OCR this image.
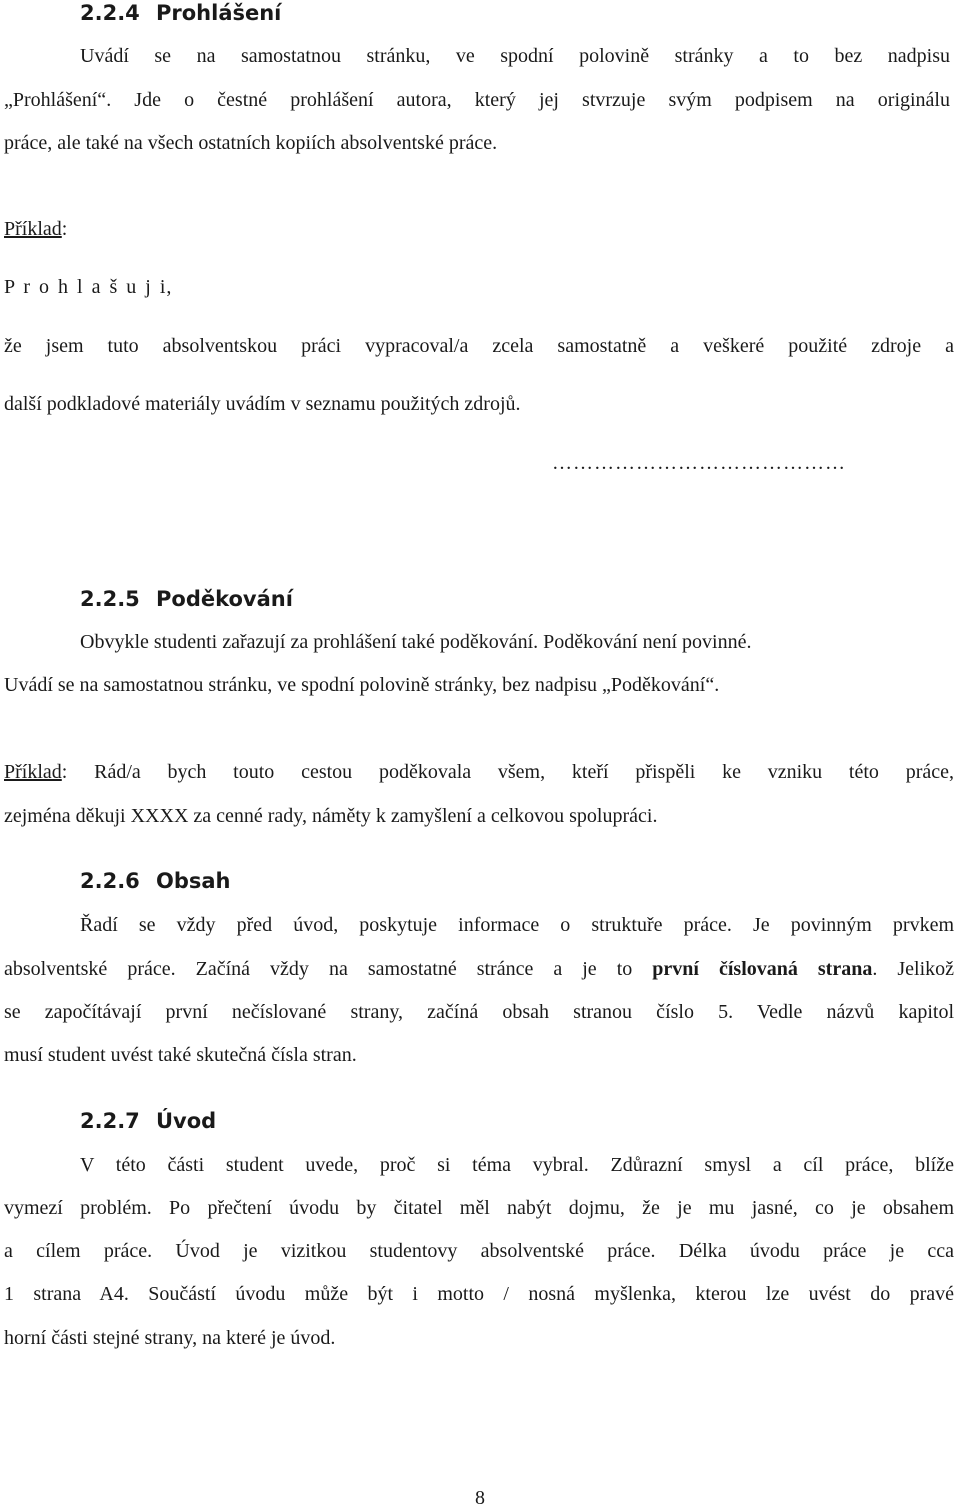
2.2.4 Prohlášení
Uvádí se na samostatnou stránku, ve spodní polovině stránky a to bez nadpisu
„Prohlášení“. Jde o čestné prohlášení autora, který jej stvrzuje svým podpisem na originálu
práce, ale také na všech ostatních kopiích absolventské práce.
Příklad:
P r o h l a š u j i,
že jsem tuto absolventskou práci vypracoval/a zcela samostatně a veškeré použité zdroje a
další podkladové materiály uvádím v seznamu použitých zdrojů.
……………………………………
2.2.5 Poděkování
Obvykle studenti zařazují za prohlášení také poděkování. Poděkování není povinné.
Uvádí se na samostatnou stránku, ve spodní polovině stránky, bez nadpisu „Poděkování“.
Příklad: Rád/a bych touto cestou poděkovala všem, kteří přispěli ke vzniku této práce,
zejména děkuji XXXX za cenné rady, náměty k zamyšlení a celkovou spolupráci.
2.2.6 Obsah
Řadí se vždy před úvod, poskytuje informace o struktuře práce. Je povinným prvkem
absolventské práce. Začíná vždy na samostatné stránce a je to první číslovaná strana. Jelikož
se započítávají první nečíslované strany, začíná obsah stranou číslo 5. Vedle názvů kapitol
musí student uvést také skutečná čísla stran.
2.2.7 Úvod
V této části student uvede, proč si téma vybral. Zdůrazní smysl a cíl práce, blíže
vymezí problém. Po přečtení úvodu by čitatel měl nabýt dojmu, že je mu jasné, co je obsahem
a cílem práce. Úvod je vizitkou studentovy absolventské práce. Délka úvodu práce je cca
1 strana A4. Součástí úvodu může být i motto / nosná myšlenka, kterou lze uvést do pravé
horní části stejné strany, na které je úvod.
8
